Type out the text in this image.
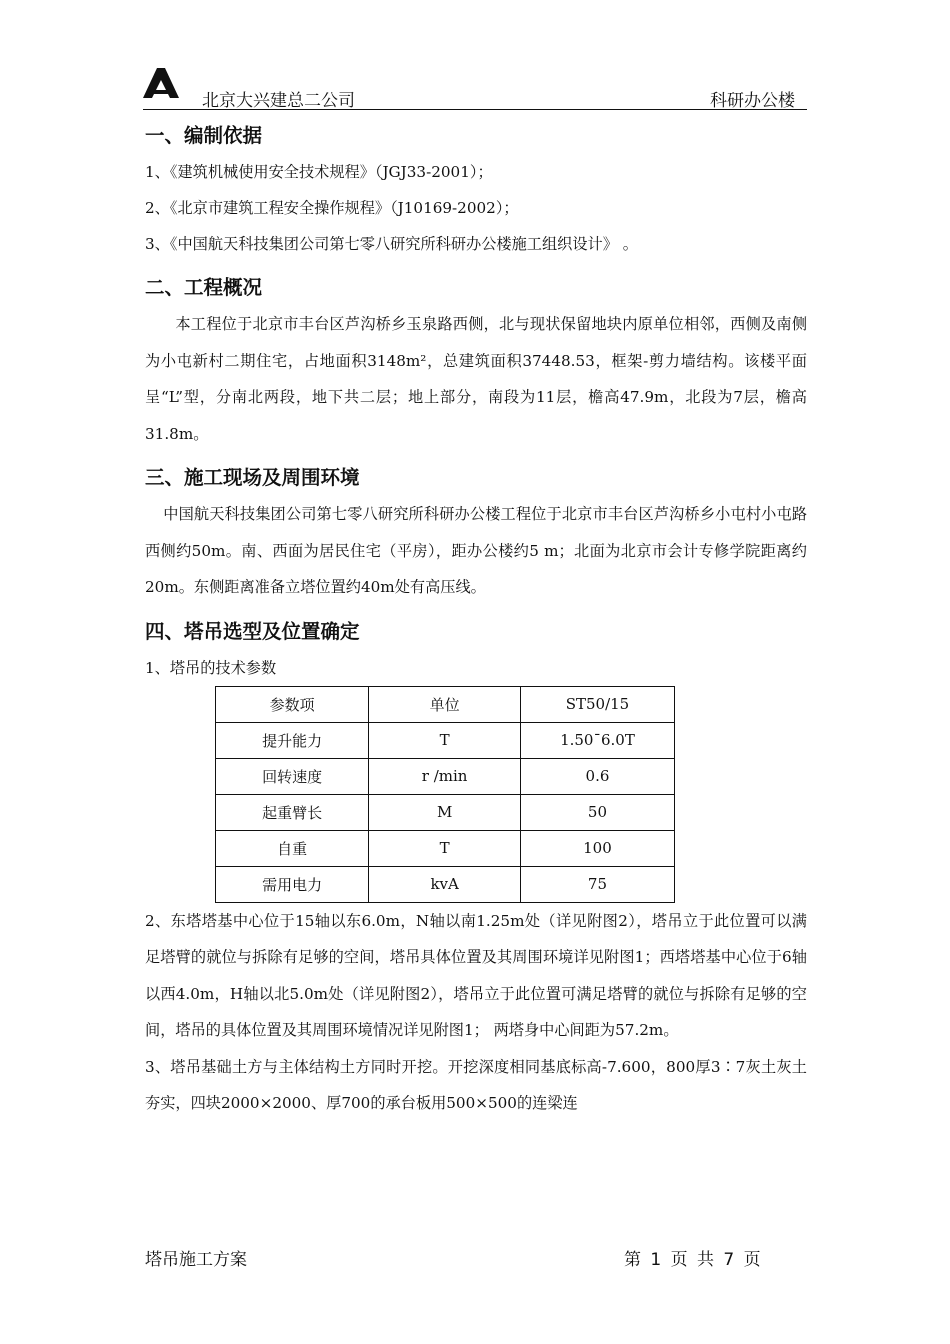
北京大兴建总二公司	科研办公楼
一、编制依据
1、《建筑机械使用安全技术规程》（JGJ33-2001）；
2、《北京市建筑工程安全操作规程》（J10169-2002）；
3、《中国航天科技集团公司第七零八研究所科研办公楼施工组织设计》 。
二、工程概况

本工程位于北京市丰台区芦沟桥乡玉泉路西侧，北与现状保留地块内原单位相邻，西侧及南侧为小屯新村二期住宅，占地面积3148m²，总建筑面积37448.53，框架-剪力墙结构。该楼平面呈“L”型，分南北两段，地下共二层；地上部分，南段为11层，檐高47.9m，北段为7层，檐高31.8m。

三、施工现场及周围环境

中国航天科技集团公司第七零八研究所科研办公楼工程位于北京市丰台区芦沟桥乡小屯村小屯路西侧约50m。南、西面为居民住宅（平房），距办公楼约5 m；北面为北京市会计专修学院距离约20m。东侧距离准备立塔位置约40m处有高压线。

四、塔吊选型及位置确定
1、塔吊的技术参数
参数项	单位	ST50/15
提升能力	T	1.50¯6.0T
回转速度	r /min	0.6
起重臂长	M	50
自重	T	100
需用电力	kvA	75

2、东塔塔基中心位于15轴以东6.0m，N轴以南1.25m处（详见附图2），塔吊立于此位置可以满足塔臂的就位与拆除有足够的空间，塔吊具体位置及其周围环境详见附图1；西塔塔基中心位于6轴以西4.0m，H轴以北5.0m处（详见附图2），塔吊立于此位置可满足塔臂的就位与拆除有足够的空间，塔吊的具体位置及其周围环境情况详见附图1； 两塔身中心间距为57.2m。

3、塔吊基础土方与主体结构土方同时开挖。开挖深度相同基底标高-7.600，800厚3∶7灰土灰土夯实，四块2000×2000、厚700的承台板用500×500的连梁连

塔吊施工方案	第 1 页 共 7 页
